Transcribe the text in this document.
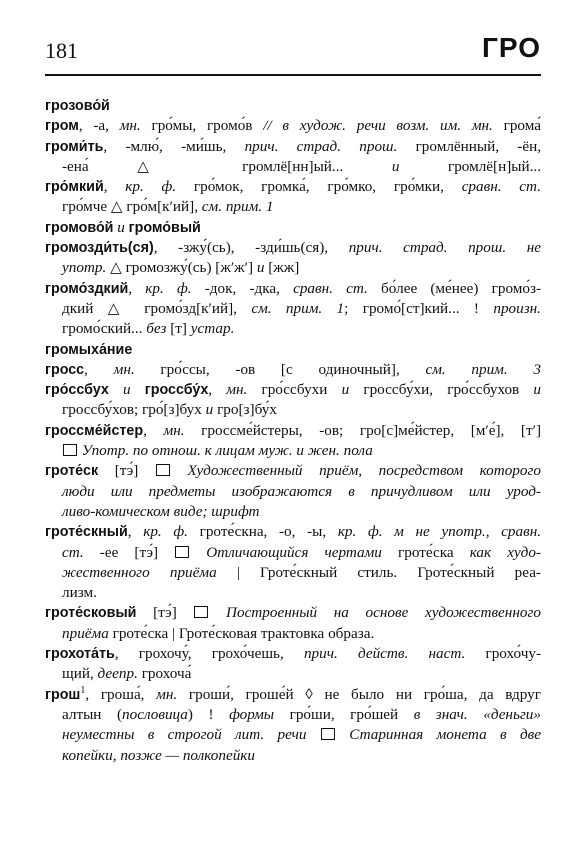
181	ГРО
грозово́й
гром, -а, мн. гро́мы, громо́в // в худож. речи возм. им. мн. грома́
громи́ть, -млю́, -ми́шь, прич. страд. прош. громлённый, -ён,
-ена́ △ громлё[нн]ый... и громлё[н]ый...
гро́мкий, кр. ф. гро́мок, громка́, гро́мко, гро́мки, сравн. ст.
гро́мче △ гро́м[кʹий], см. прим. 1
громово́й и громо́вый
громозди́ть(ся), -зжу́(сь), -зди́шь(ся), прич. страд. прош. не
употр. △ громозжу́(сь) [жʹжʹ] и [жж]
громо́здкий, кр. ф. -док, -дка, сравн. ст. бо́лее (ме́нее) громо́з-
дкий △ громо́зд[кʹий], см. прим. 1; громо́[ст]кий... ! произн.
громо́ский... без [т] устар.
громыха́ние
гросс, мн. гро́ссы, -ов [с одиночный], см. прим. 3
гро́ссбух и гроссбу́х, мн. гро́ссбухи и гроссбу́хи, гро́ссбухов и
гроссбу́хов; гро́[з]бух и гро[з]бу́х
гроссме́йстер, мн. гроссме́йстеры, -ов; гро[с]ме́йстер, [мʹе́], [тʹ]
Употр. по отнош. к лицам муж. и жен. пола
гроте́ск [тэ́]  Художественный приём, посредством которого
люди или предметы изображаются в причудливом или урод-
ливо-комическом виде; шрифт
гроте́скный, кр. ф. гроте́скна, -о, -ы, кр. ф. м не употр., сравн.
ст. -ее [тэ́]  Отличающийся чертами гроте́ска как худо-
жественного приёма | Гроте́скный стиль. Гроте́скный реа-
лизм.
гроте́сковый [тэ́]  Построенный на основе художественного
приёма гроте́ска | Гроте́сковая трактовка образа.
грохота́ть, грохочу́, грохо́чешь, прич. действ. наст. грохо́чу-
щий, деепр. грохоча́
грош$^1$, гроша́, мн. гроши́, гроше́й ◊ не было ни гро́ша, да вдруг
алтын (пословица) ! формы гро́ши, гро́шей в знач. «деньги»
неуместны в строгой лит. речи  Старинная монета в две
копейки, позже — полкопейки
